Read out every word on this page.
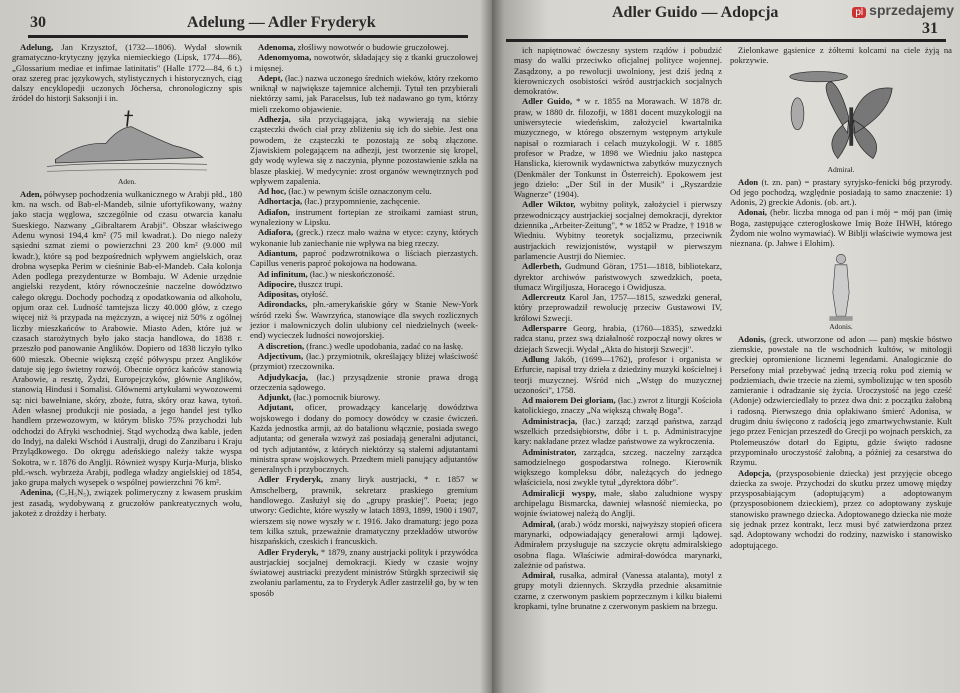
30	Adelung — Adler Fryderyk

Adelung, Jan Krzysztof, (1732—1806). Wydał słownik gramatyczno-krytyczny języka niemieckiego (Lipsk, 1774—86), „Glossarium mediae et infimae latinitatis" (Halle 1772—84, 6 t.) oraz szereg prac językowych, stylistycznych i historycznych, ciąg dalszy encyklopedji uczonych Jöchersa, chronologiczny spis źródeł do historji Saksonji i in.

Aden.

Aden, półwysep pochodzenia wulkanicznego w Arabji płd., 180 km. na wsch. od Bab-el-Mandeb, silnie ufortyfikowany, ważny jako stacja węglowa, szczególnie od czasu otwarcia kanału Sueskiego. Nazwany „Gibraltarem Arabji". Obszar właściwego Adenu wynosi 194,4 km² (75 mil kwadrat.). Do niego należy sąsiedni szmat ziemi o powierzchni 23 200 km² (9.000 mil kwadr.), które są pod bezpośrednich wpływem angielskich, oraz drobna wysepka Perim w cieśninie Bab-el-Mandeb. Cała kolonja Aden podlega prezydenturze w Bombaju. W Adenie urzędnie angielski rezydent, który równocześnie naczelne dowództwo całego okręgu. Dochody pochodzą z opodatkowania od alkoholu, opjum oraz ceł. Ludność tamtejsza liczy 40.000 głów, z czego więcej niż ¾ przypada na mężczyzn, a więcej niż 50% z ogólnej liczby mieszkańców to Arabowie. Miasto Aden, które już w czasach starożytnych było jako stacja handlowa, do 1838 r. przeszło pod panowanie Anglików. Dopiero od 1838 liczyło tylko 600 mieszk. Obecnie większą część półwyspu przez Anglików datuje się jego świetny rozwój. Obecnie oprócz kańców stanowią Arabowie, a resztę, Żydzi, Europejczyków, głównie Anglików, stanowią Hindusi i Somalisi. Głównemi artykułami wywozowemi są: nici bawełniane, skóry, zboże, futra, skóry oraz kawa, tytoń. Aden własnej produkcji nie posiada, a jego handel jest tylko handlem przewozowym, w którym blisko 75% przychodzi lub odchodzi do Afryki wschodniej. Stąd wychodzą dwa kable, jeden do Indyj, na daleki Wschód i Australji, drugi do Zanzibaru i Kraju Przylądkowego. Do okręgu adeńskiego należy także wyspa Sokotra, w r. 1876 do Anglji. Również wyspy Kurja-Murja, blisko płd.-wsch. wybrzeża Arabji, podlega władzy angielskiej od 1854, jako grupa małych wysepek o wspólnej powierzchni 76 km².

Adenina, (C₅H₅N₅), związek polimeryczny z kwasem pruskim jest zasadą, wydobywaną z gruczołów pankreatycznych wołu, jakoteż z drożdży i herbaty.

Adenoma, złośliwy nowotwór o budowie gruczołowej.

Adenomyoma, nowotwór, składający się z tkanki gruczołowej i mięsnej.

Adept, (łac.) nazwa uczonego średnich wieków, który rzekomo wniknął w największe tajemnice alchemji. Tytuł ten przybierali niektórzy sami, jak Paracelsus, lub też nadawano go tym, którzy mieli rzekomo objawienie.

Adhezja, siła przyciągająca, jaką wywierają na siebie cząsteczki dwóch ciał przy zbliżeniu się ich do siebie. Jest ona powodem, że cząsteczki te pozostają ze sobą złączone. Zjawiskiem polegającem na adhezji, jest tworzenie się kropel, gdy wodę wylewa się z naczynia, płynne pozostawienie szkła na blasze płaskiej. W medycynie: zrost organów wewnętrznych pod wpływem zapalenia.

Ad hoc, (łac.) w pewnym ściśle oznaczonym celu.

Adhortacja, (łac.) przypomnienie, zachęcenie.

Adiafon, instrument fortepian ze stroikami zamiast strun, wynaleziony w Lipsku.

Adiafora, (greck.) rzecz mało ważna w etyce: czyny, których wykonanie lub zaniechanie nie wpływa na bieg rzeczy.

Adiantum, paproć podzwrotnikowa o liściach pierzastych. Capillus veneris paproć pokojowa na hodowana.

Ad infinitum, (łac.) w nieskończoność.

Adipocire, tłuszcz trupi.

Adipositas, otyłość.

Adirondacks, płn.-amerykańskie góry w Stanie New-York wśród rzeki Św. Wawrzyńca, stanowiące dla swych rozlicznych jezior i malowniczych dolin ulubiony cel niedzielnych (week-end) wycieczek ludności nowojorskiej.

A discretion, (franc.) wedle upodobania, zadać co na łaskę.

Adjectivum, (łac.) przymiotnik, określający bliżej właściwość (przymiot) rzeczownika.

Adjudykacja, (łac.) przysądzenie stronie prawa drogą orzeczenia sądowego.

Adjunkt, (łac.) pomocnik biurowy.

Adjutant, oficer, prowadzący kancelarję dowództwa wojskowego i dodany do pomocy dowódcy w czasie ćwiczeń. Każda jednostka armji, aż do batalionu włącznie, posiada swego adjutanta; od generała wzwyż zaś posiadają generalni adjutanci, od tych adjutantów, z których niektórzy są stałemi adjutantami ministra spraw wojskowych. Przedtem mieli panujący adjutantów generalnych i przybocznych.

Adler Fryderyk, znany liryk austrjacki, * r. 1857 w Amschelberg, prawnik, sekretarz praskiego gremium handlowego. Zasłużył się do „grupy praskiej". Poeta; jego utwory: Gedichte, które wyszły w latach 1893, 1899, 1900 i 1907, wierszem się nowe wyszły w r. 1916. Jako dramaturg: jego poza tem kilka sztuk, przeważnie dramatyczny przekładów utworów hiszpańskich, czeskich i francuskich.

Adler Fryderyk, * 1879, znany austrjacki polityk i przywódca austrjackiej socjalnej demokracji. Kiedy w czasie wojny światowej austriacki prezydent ministrów Stürgkh sprzeciwił się zwołaniu parlamentu, za to Fryderyk Adler zastrzelił go, by w ten sposób

Adler Guido — Adopcja
31

ich napiętnować ówczesny system rządów i pobudzić masy do walki przeciwko oficjalnej polityce wojennej. Zasądzony, a po rewolucji uwolniony, jest dziś jedną z kierowniczych osobistości wśród austrjackich socjalnych demokratów.

Adler Guido, * w r. 1855 na Morawach. W 1878 dr. praw, w 1880 dr. filozofji, w 1881 docent muzykologji na uniwersytecie wiedeńskim, założyciel kwartalnika muzycznego, w którego obszernym wstępnym artykule napisał o rozmiarach i celach muzykologji. W r. 1885 profesor w Pradze, w 1898 we Wiedniu jako następca Hanslicka, kierownik wydawnictwa zabytków muzycznych (Denkmäler der Tonkunst in Österreich). Epokowem jest jego dzieło: „Der Stil in der Musik" i „Ryszardzie Wagnerze" (1904).

Adler Wiktor, wybitny polityk, założyciel i pierwszy przewodniczący austrjackiej socjalnej demokracji, dyrektor dziennika „Arbeiter-Zeitung", * w 1852 w Pradze, † 1918 w Wiedniu. Wybitny teoretyk socjalizmu, przeciwnik austrjackich rewizjonistów, wystąpił w pierwszym parlamencie Austrji do Niemiec.

Adlerbeth, Gudmund Göran, 1751—1818, bibliotekarz, dyrektor archiwów państwowych szwedzkich, poeta, tłumacz Wirgiljusza, Horacego i Owidjusza.

Adlercreutz Karol Jan, 1757—1815, szwedzki generał, który przeprowadził rewolucję przeciw Gustawowi IV, królowi Szwecji.

Adlersparre Georg, hrabia, (1760—1835), szwedzki radca stanu, przez swą działalność rozpoczął nowy okres w dziejach Szwecji. Wydał „Akta do historji Szwecji".

Adlung Jakób, (1699—1762), profesor i organista w Erfurcie, napisał trzy dzieła z dziedziny muzyki kościelnej i teorji muzycznej. Wśród nich „Wstęp do muzycznej uczoności", 1758.

Ad maiorem Dei gloriam, (łac.) zwrot z liturgji Kościoła katolickiego, znaczy „Na większą chwałę Boga".

Administracja, (łac.) zarząd; zarząd państwa, zarząd wszelkich przedsiębiorstw, dóbr i t. p. Administracyjne kary: nakładane przez władze państwowe za wykroczenia.

Administrator, zarządca, szczeg. naczelny zarządca samodzielnego gospodarstwa rolnego. Kierownik większego kompleksu dóbr, należących do jednego właściciela, nosi zwykle tytuł „dyrektora dóbr".

Admiralicji wyspy, małe, słabo zaludnione wyspy archipelagu Bismarcka, dawniej własność niemiecka, po wojnie światowej należą do Anglji.

Admirał, (arab.) wódz morski, najwyższy stopień oficera marynarki, odpowiadający generałowi armji lądowej. Admirałem przysługuje na szczycie okrętu admiralskiego osobna flaga. Właściwie admirał-dowódca marynarki, zależnie od państwa.

Admirał, rusałka, admirał (Vanessa atalanta), motyl z grupy motyli dziennych. Skrzydła przednie aksamitnie czarne, z czerwonym paskiem poprzecznym i kilku białemi kropkami, tylne brunatne z czerwonym paskiem na brzegu.

Zielonkawe gąsienice z żółtemi kolcami na ciele żyją na pokrzywie.

Admirał.

Adon (t. zn. pan) = prastary syryjsko-fenicki bóg przyrody. Od jego pochodzą, względnie posiadają to samo znaczenie: 1) Adonis, 2) greckie Adonis. (ob. art.).

Adonai, (hebr. liczba mnoga od pan i mój = mój pan (imię Boga, zastępujące czterogłoskowe Imię Boże IHWH, którego Żydom nie wolno wymawiać). W Biblji właściwie wymowa jest nieznana. (p. Jahwe i Elohim).

Adonis.

Adonis, (greck. utworzone od adon — pan) męskie bóstwo ziemskie, powstałe na tle wschodnich kultów, w mitologji greckiej opromienione licznemi legendami. Analogicznie do Persefony miał przebywać jedną trzecią roku pod ziemią w podziemiach, dwie trzecie na ziemi, symbolizując w ten sposób zamieranie i odradzanie się życia. Uroczystość na jego cześć (Adonje) odzwierciedlały to przez dwa dni: z początku żałobną i radosną. Pierwszego dnia opłakiwano śmierć Adonisa, w drugim dniu święcono z radością jego zmartwychwstanie. Kult jego przez Fenicjan przeszedł do Grecji po wojnach perskich, za Ptolemeuszów dotarł do Egiptu, gdzie święto radosne przypominało uroczystość żałobną, a później za cesarstwa do Rzymu.

Adopcja, (przysposobienie dziecka) jest przyjęcie obcego dziecka za swoje. Przychodzi do skutku przez umowę między przysposabiającym (adoptującym) a adoptowanym (przysposobionem dzieckiem), przez co adoptowany zyskuje stanowisko prawnego dziecka. Adoptowanego dziecka nie może się jednak przez kontrakt, lecz musi być zatwierdzona przez sąd. Adoptowany wchodzi do rodziny, nazwisko i stanowisko adoptującego.

pl sprzedajemy
